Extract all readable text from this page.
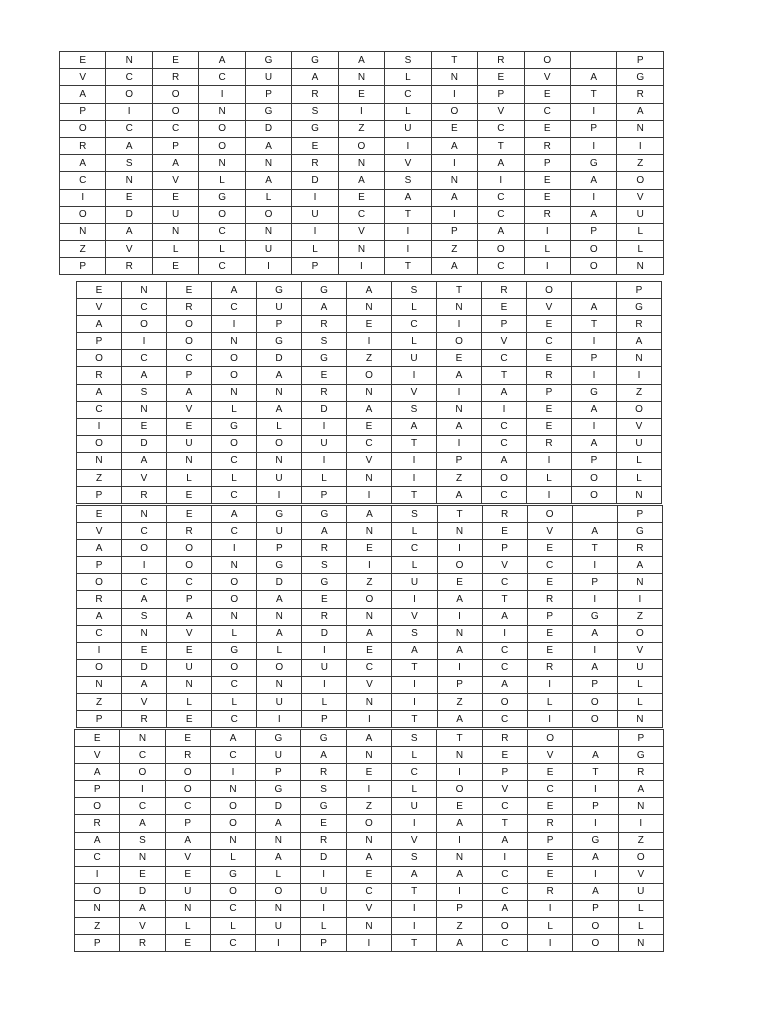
E	N	E	A	G	G	A	S	T	R	O		P
V	C	R	C	U	A	N	L	N	E	V	A	G
A	O	O	I	P	R	E	C	I	P	E	T	R
P	I	O	N	G	S	I	L	O	V	C	I	A
O	C	C	O	D	G	Z	U	E	C	E	P	N
R	A	P	O	A	E	O	I	A	T	R	I	I
A	S	A	N	N	R	N	V	I	A	P	G	Z
C	N	V	L	A	D	A	S	N	I	E	A	O
I	E	E	G	L	I	E	A	A	C	E	I	V
O	D	U	O	O	U	C	T	I	C	R	A	U
N	A	N	C	N	I	V	I	P	A	I	P	L
Z	V	L	L	U	L	N	I	Z	O	L	O	L
P	R	E	C	I	P	I	T	A	C	I	O	N
E	N	E	A	G	G	A	S	T	R	O		P
V	C	R	C	U	A	N	L	N	E	V	A	G
A	O	O	I	P	R	E	C	I	P	E	T	R
P	I	O	N	G	S	I	L	O	V	C	I	A
O	C	C	O	D	G	Z	U	E	C	E	P	N
R	A	P	O	A	E	O	I	A	T	R	I	I
A	S	A	N	N	R	N	V	I	A	P	G	Z
C	N	V	L	A	D	A	S	N	I	E	A	O
I	E	E	G	L	I	E	A	A	C	E	I	V
O	D	U	O	O	U	C	T	I	C	R	A	U
N	A	N	C	N	I	V	I	P	A	I	P	L
Z	V	L	L	U	L	N	I	Z	O	L	O	L
P	R	E	C	I	P	I	T	A	C	I	O	N
E	N	E	A	G	G	A	S	T	R	O		P
V	C	R	C	U	A	N	L	N	E	V	A	G
A	O	O	I	P	R	E	C	I	P	E	T	R
P	I	O	N	G	S	I	L	O	V	C	I	A
O	C	C	O	D	G	Z	U	E	C	E	P	N
R	A	P	O	A	E	O	I	A	T	R	I	I
A	S	A	N	N	R	N	V	I	A	P	G	Z
C	N	V	L	A	D	A	S	N	I	E	A	O
I	E	E	G	L	I	E	A	A	C	E	I	V
O	D	U	O	O	U	C	T	I	C	R	A	U
N	A	N	C	N	I	V	I	P	A	I	P	L
Z	V	L	L	U	L	N	I	Z	O	L	O	L
P	R	E	C	I	P	I	T	A	C	I	O	N
E	N	E	A	G	G	A	S	T	R	O		P
V	C	R	C	U	A	N	L	N	E	V	A	G
A	O	O	I	P	R	E	C	I	P	E	T	R
P	I	O	N	G	S	I	L	O	V	C	I	A
O	C	C	O	D	G	Z	U	E	C	E	P	N
R	A	P	O	A	E	O	I	A	T	R	I	I
A	S	A	N	N	R	N	V	I	A	P	G	Z
C	N	V	L	A	D	A	S	N	I	E	A	O
I	E	E	G	L	I	E	A	A	C	E	I	V
O	D	U	O	O	U	C	T	I	C	R	A	U
N	A	N	C	N	I	V	I	P	A	I	P	L
Z	V	L	L	U	L	N	I	Z	O	L	O	L
P	R	E	C	I	P	I	T	A	C	I	O	N
